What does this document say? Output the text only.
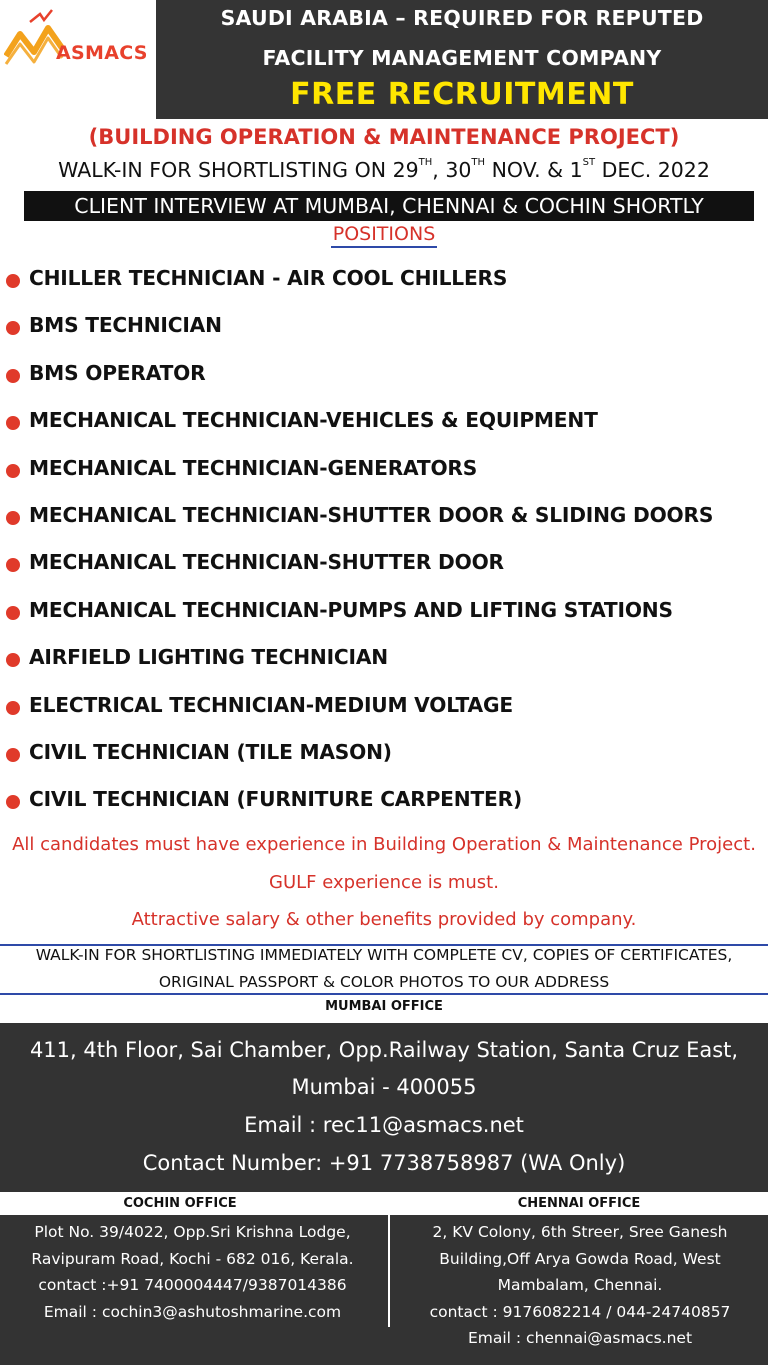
ASMACS
SAUDI ARABIA – REQUIRED FOR REPUTED
FACILITY MANAGEMENT COMPANY
FREE RECRUITMENT
(BUILDING OPERATION & MAINTENANCE PROJECT)
WALK-IN FOR SHORTLISTING ON 29TH, 30TH NOV. & 1ST DEC. 2022
CLIENT INTERVIEW AT MUMBAI, CHENNAI & COCHIN SHORTLY
POSITIONS
CHILLER TECHNICIAN - AIR COOL CHILLERS
BMS TECHNICIAN
BMS OPERATOR
MECHANICAL TECHNICIAN-VEHICLES & EQUIPMENT
MECHANICAL TECHNICIAN-GENERATORS
MECHANICAL TECHNICIAN-SHUTTER DOOR & SLIDING DOORS
MECHANICAL TECHNICIAN-SHUTTER DOOR
MECHANICAL TECHNICIAN-PUMPS AND LIFTING STATIONS
AIRFIELD LIGHTING TECHNICIAN
ELECTRICAL TECHNICIAN-MEDIUM VOLTAGE
CIVIL TECHNICIAN (TILE MASON)
CIVIL TECHNICIAN (FURNITURE CARPENTER)
All candidates must have experience in Building Operation & Maintenance Project.
GULF experience is must.
Attractive salary & other benefits provided by company.
WALK-IN FOR SHORTLISTING IMMEDIATELY WITH COMPLETE CV, COPIES OF CERTIFICATES,
ORIGINAL PASSPORT & COLOR PHOTOS TO OUR ADDRESS
MUMBAI OFFICE
411, 4th Floor, Sai Chamber, Opp.Railway Station, Santa Cruz East,
Mumbai - 400055
Email : rec11@asmacs.net
Contact Number: +91 7738758987 (WA Only)
COCHIN OFFICE	CHENNAI OFFICE
Plot No. 39/4022, Opp.Sri Krishna Lodge,
Ravipuram Road, Kochi - 682 016, Kerala.
contact :+91 7400004447/9387014386
Email : cochin3@ashutoshmarine.com
2, KV Colony, 6th Streer, Sree Ganesh
Building,Off Arya Gowda Road, West
Mambalam, Chennai.
contact : 9176082214 / 044-24740857
Email : chennai@asmacs.net
